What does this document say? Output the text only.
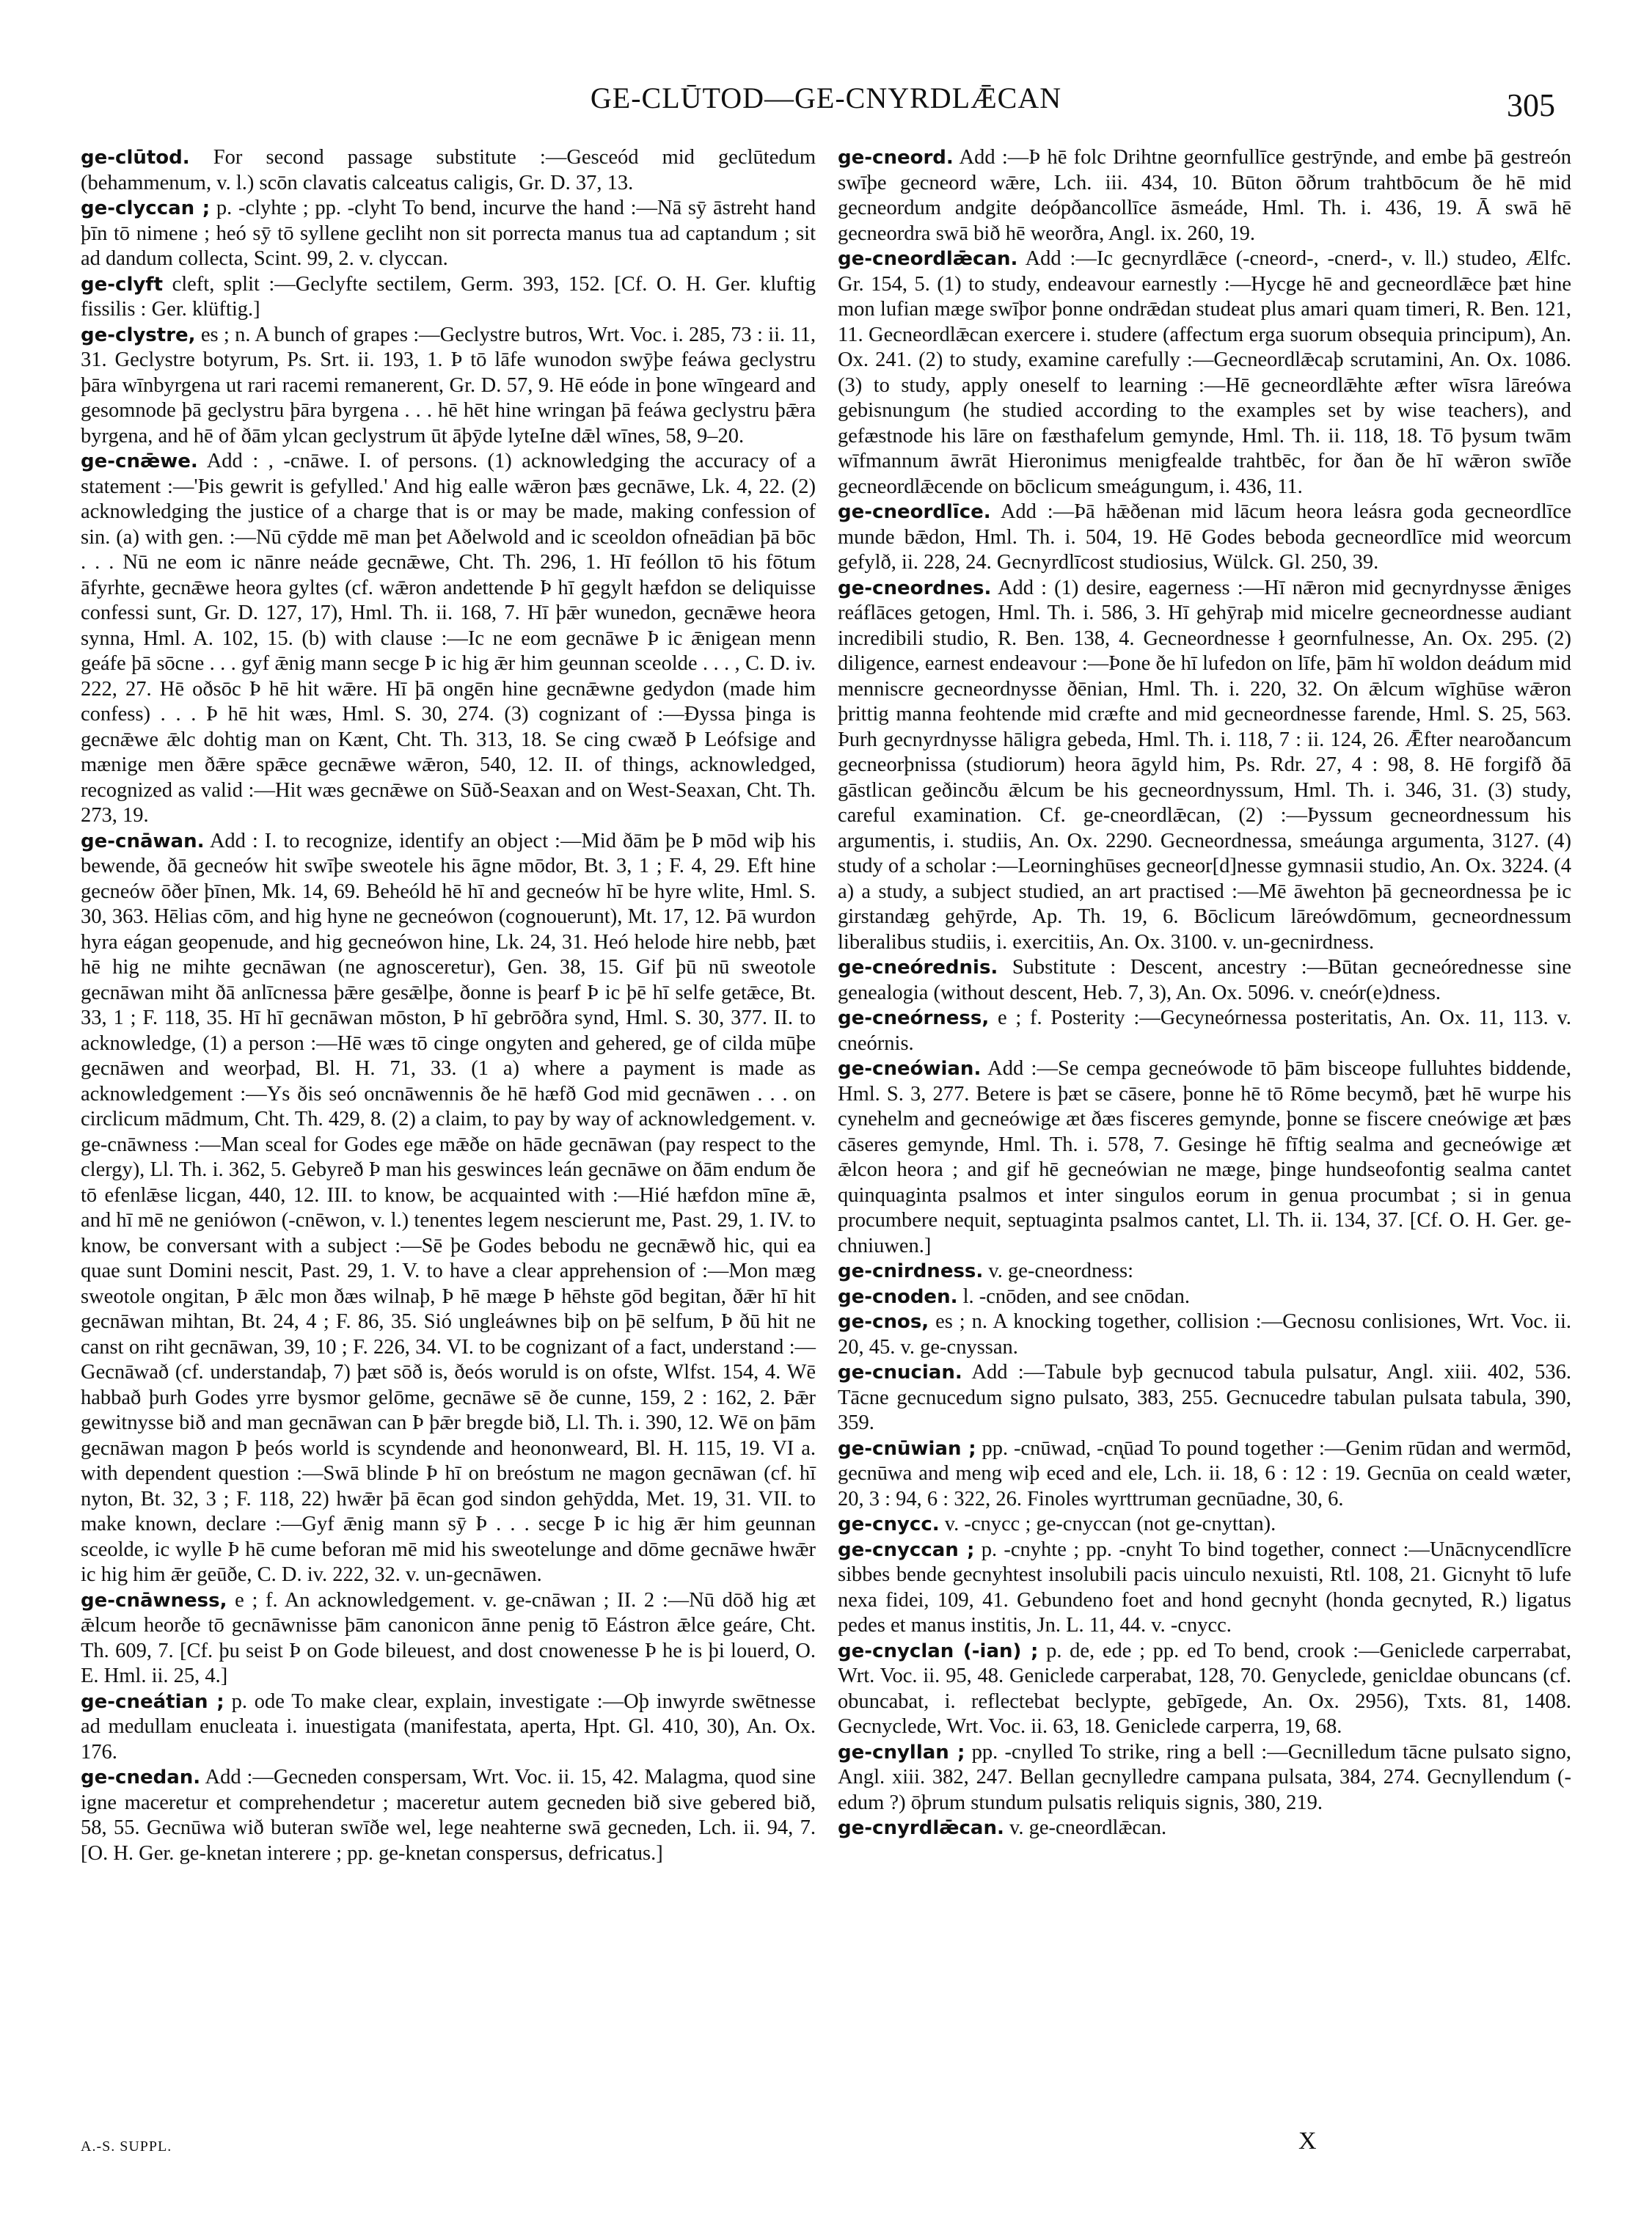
GE-CLŪTOD—GE-CNYRDLǢCAN	305

ge-clūtod. For second passage substitute :—Gesceód mid geclūtedum (behammenum, v. l.) scōn clavatis calceatus caligis, Gr. D. 37, 13.

ge-clyccan ; p. -clyhte ; pp. -clyht To bend, incurve the hand :—Nā sȳ āstreht hand þīn tō nimene ; heó sȳ tō syllene gecliht non sit porrecta manus tua ad captandum ; sit ad dandum collecta, Scint. 99, 2. v. clyccan.

ge-clyft cleft, split :—Geclyfte sectilem, Germ. 393, 152. [Cf. O. H. Ger. kluftig fissilis : Ger. klüftig.]

ge-clystre, es ; n. A bunch of grapes :—Geclystre butros, Wrt. Voc. i. 285, 73 : ii. 11, 31. Geclystre botyrum, Ps. Srt. ii. 193, 1. Þ tō lāfe wunodon swȳþe feáwa geclystru þāra wīnbyrgena ut rari racemi remanerent, Gr. D. 57, 9. Hē eóde in þone wīngeard and gesomnode þā geclystru þāra byrgena . . . hē hēt hine wringan þā feáwa geclystru þǣra byrgena, and hē of ðām ylcan geclystrum ūt āþȳde lyteIne dǣl wīnes, 58, 9–20.

ge-cnǣwe. Add : , -cnāwe. I. of persons. (1) acknowledging the accuracy of a statement :—'Þis gewrit is gefylled.' And hig ealle wǣron þæs gecnāwe, Lk. 4, 22. (2) acknowledging the justice of a charge that is or may be made, making confession of sin. (a) with gen. :—Nū cȳdde mē man þet Aðelwold and ic sceoldon ofneādian þā bōc . . . Nū ne eom ic nānre neáde gecnǣwe, Cht. Th. 296, 1. Hī feóllon tō his fōtum āfyrhte, gecnǣwe heora gyltes (cf. wǣron andettende Þ hī gegylt hæfdon se deliquisse confessi sunt, Gr. D. 127, 17), Hml. Th. ii. 168, 7. Hī þǣr wunedon, gecnǣwe heora synna, Hml. A. 102, 15. (b) with clause :—Ic ne eom gecnāwe Þ ic ǣnigean menn geáfe þā sōcne . . . gyf ǣnig mann secge Þ ic hig ǣr him geunnan sceolde . . . , C. D. iv. 222, 27. Hē oðsōc Þ hē hit wǣre. Hī þā ongēn hine gecnǣwne gedydon (made him confess) . . . Þ hē hit wæs, Hml. S. 30, 274. (3) cognizant of :—Ðyssa þinga is gecnǣwe ǣlc dohtig man on Kænt, Cht. Th. 313, 18. Se cing cwæð Þ Leófsige and mænige men ðǣre spǣce gecnǣwe wǣron, 540, 12. II. of things, acknowledged, recognized as valid :—Hit wæs gecnǣwe on Sūð-Seaxan and on West-Seaxan, Cht. Th. 273, 19.

ge-cnāwan. Add : I. to recognize, identify an object :—Mid ðām þe Þ mōd wiþ his bewende, ðā gecneów hit swīþe sweotele his āgne mōdor, Bt. 3, 1 ; F. 4, 29. Eft hine gecneów ōðer þīnen, Mk. 14, 69. Beheóld hē hī and gecneów hī be hyre wlite, Hml. S. 30, 363. Hēlias cōm, and hig hyne ne gecneówon (cognouerunt), Mt. 17, 12. Þā wurdon hyra eágan geopenude, and hig gecneówon hine, Lk. 24, 31. Heó helode hire nebb, þæt hē hig ne mihte gecnāwan (ne agnosceretur), Gen. 38, 15. Gif þū nū sweotole gecnāwan miht ðā anlīcnessa þǣre gesǣlþe, ðonne is þearf Þ ic þē hī selfe getǣce, Bt. 33, 1 ; F. 118, 35. Hī hī gecnāwan mōston, Þ hī gebrōðra synd, Hml. S. 30, 377. II. to acknowledge, (1) a person :—Hē wæs tō cinge ongyten and gehered, ge of cilda mūþe gecnāwen and weorþad, Bl. H. 71, 33. (1 a) where a payment is made as acknowledgement :—Ys ðis seó oncnāwennis ðe hē hæfð God mid gecnāwen . . . on circlicum mādmum, Cht. Th. 429, 8. (2) a claim, to pay by way of acknowledgement. v. ge-cnāwness :—Man sceal for Godes ege mǣðe on hāde gecnāwan (pay respect to the clergy), Ll. Th. i. 362, 5. Gebyreð Þ man his geswinces leán gecnāwe on ðām endum ðe tō efenlǣse licgan, 440, 12. III. to know, be acquainted with :—Hié hæfdon mīne ǣ, and hī mē ne geniówon (-cnēwon, v. l.) tenentes legem nescierunt me, Past. 29, 1. IV. to know, be conversant with a subject :—Sē þe Godes bebodu ne gecnǣwð hic, qui ea quae sunt Domini nescit, Past. 29, 1. V. to have a clear apprehension of :—Mon mæg sweotole ongitan, Þ ǣlc mon ðæs wilnaþ, Þ hē mæge Þ hēhste gōd begitan, ðǣr hī hit gecnāwan mihtan, Bt. 24, 4 ; F. 86, 35. Sió ungleáwnes biþ on þē selfum, Þ ðū hit ne canst on riht gecnāwan, 39, 10 ; F. 226, 34. VI. to be cognizant of a fact, understand :—Gecnāwað (cf. understandaþ, 7) þæt sōð is, ðeós woruld is on ofste, Wlfst. 154, 4. Wē habbað þurh Godes yrre bysmor gelōme, gecnāwe sē ðe cunne, 159, 2 : 162, 2. Þǣr gewitnysse bið and man gecnāwan can Þ þǣr bregde bið, Ll. Th. i. 390, 12. Wē on þām gecnāwan magon Þ þeós world is scyndende and heononweard, Bl. H. 115, 19. VI a. with dependent question :—Swā blinde Þ hī on breóstum ne magon gecnāwan (cf. hī nyton, Bt. 32, 3 ; F. 118, 22) hwǣr þā ēcan god sindon gehȳdda, Met. 19, 31. VII. to make known, declare :—Gyf ǣnig mann sȳ Þ . . . secge Þ ic hig ǣr him geunnan sceolde, ic wylle Þ hē cume beforan mē mid his sweotelunge and dōme gecnāwe hwǣr ic hig him ǣr geūðe, C. D. iv. 222, 32. v. un-gecnāwen.

ge-cnāwness, e ; f. An acknowledgement. v. ge-cnāwan ; II. 2 :—Nū dōð hig æt ǣlcum heorðe tō gecnāwnisse þām canonicon ānne penig tō Eástron ǣlce geáre, Cht. Th. 609, 7. [Cf. þu seist Þ on Gode bileuest, and dost cnowenesse Þ he is þi louerd, O. E. Hml. ii. 25, 4.]

ge-cneátian ; p. ode To make clear, explain, investigate :—Oþ inwyrde swētnesse ad medullam enucleata i. inuestigata (manifestata, aperta, Hpt. Gl. 410, 30), An. Ox. 176.

ge-cnedan. Add :—Gecneden conspersam, Wrt. Voc. ii. 15, 42. Malagma, quod sine igne maceretur et comprehendetur ; maceretur autem gecneden bið sive gebered bið, 58, 55. Gecnūwa wið buteran swīðe wel, lege neahterne swā gecneden, Lch. ii. 94, 7. [O. H. Ger. ge-knetan interere ; pp. ge-knetan conspersus, defricatus.]

ge-cneord. Add :—Þ hē folc Drihtne geornfullīce gestrȳnde, and embe þā gestreón swīþe gecneord wǣre, Lch. iii. 434, 10. Būton ōðrum trahtbōcum ðe hē mid gecneordum andgite deópðancollīce āsmeáde, Hml. Th. i. 436, 19. Ā swā hē gecneordra swā bið hē weorðra, Angl. ix. 260, 19.

ge-cneordlǣcan. Add :—Ic gecnyrdlǣce (-cneord-, -cnerd-, v. ll.) studeo, Ælfc. Gr. 154, 5. (1) to study, endeavour earnestly :—Hycge hē and gecneordlǣce þæt hine mon lufian mæge swīþor þonne ondrǣdan studeat plus amari quam timeri, R. Ben. 121, 11. Gecneordlǣcan exercere i. studere (affectum erga suorum obsequia principum), An. Ox. 241. (2) to study, examine carefully :—Gecneordlǣcaþ scrutamini, An. Ox. 1086. (3) to study, apply oneself to learning :—Hē gecneordlǣhte æfter wīsra lāreówa gebisnungum (he studied according to the examples set by wise teachers), and gefæstnode his lāre on fæsthafelum gemynde, Hml. Th. ii. 118, 18. Tō þysum twām wīfmannum āwrāt Hieronimus menigfealde trahtbēc, for ðan ðe hī wǣron swīðe gecneordlǣcende on bōclicum smeágungum, i. 436, 11.

ge-cneordlīce. Add :—Þā hǣðenan mid lācum heora leásra goda gecneordlīce munde bǣdon, Hml. Th. i. 504, 19. Hē Godes beboda gecneordlīce mid weorcum gefylð, ii. 228, 24. Gecnyrdlīcost studiosius, Wülck. Gl. 250, 39.

ge-cneordnes. Add : (1) desire, eagerness :—Hī nǣron mid gecnyrdnysse ǣniges reáflāces getogen, Hml. Th. i. 586, 3. Hī gehȳraþ mid micelre gecneordnesse audiant incredibili studio, R. Ben. 138, 4. Gecneordnesse ł geornfulnesse, An. Ox. 295. (2) diligence, earnest endeavour :—Þone ðe hī lufedon on līfe, þām hī woldon deádum mid menniscre gecneordnysse ðēnian, Hml. Th. i. 220, 32. On ǣlcum wīghūse wǣron þrittig manna feohtende mid cræfte and mid gecneordnesse farende, Hml. S. 25, 563. Þurh gecnyrdnysse hāligra gebeda, Hml. Th. i. 118, 7 : ii. 124, 26. Ǣfter nearoðancum gecneorþnissa (studiorum) heora āgyld him, Ps. Rdr. 27, 4 : 98, 8. Hē forgifð ðā gāstlican geðincðu ǣlcum be his gecneordnyssum, Hml. Th. i. 346, 31. (3) study, careful examination. Cf. ge-cneordlǣcan, (2) :—Þyssum gecneordnessum his argumentis, i. studiis, An. Ox. 2290. Gecneordnessa, smeáunga argumenta, 3127. (4) study of a scholar :—Leorninghūses gecneor[d]nesse gymnasii studio, An. Ox. 3224. (4 a) a study, a subject studied, an art practised :—Mē āwehton þā gecneordnessa þe ic girstandæg gehȳrde, Ap. Th. 19, 6. Bōclicum lāreówdōmum, gecneordnessum liberalibus studiis, i. exercitiis, An. Ox. 3100. v. un-gecnirdness.

ge-cneórednis. Substitute : Descent, ancestry :—Būtan gecneórednesse sine genealogia (without descent, Heb. 7, 3), An. Ox. 5096. v. cneór(e)dness.

ge-cneórness, e ; f. Posterity :—Gecyneórnessa posteritatis, An. Ox. 11, 113. v. cneórnis.

ge-cneówian. Add :—Se cempa gecneówode tō þām bisceope fulluhtes biddende, Hml. S. 3, 277. Betere is þæt se cāsere, þonne hē tō Rōme becymð, þæt hē wurpe his cynehelm and gecneówige æt ðæs fisceres gemynde, þonne se fiscere cneówige æt þæs cāseres gemynde, Hml. Th. i. 578, 7. Gesinge hē fīftig sealma and gecneówige æt ǣlcon heora ; and gif hē gecneówian ne mæge, þinge hundseofontig sealma cantet quinquaginta psalmos et inter singulos eorum in genua procumbat ; si in genua procumbere nequit, septuaginta psalmos cantet, Ll. Th. ii. 134, 37. [Cf. O. H. Ger. ge-chniuwen.]

ge-cnirdness. v. ge-cneordness:

ge-cnoden. l. -cnōden, and see cnōdan.

ge-cnos, es ; n. A knocking together, collision :—Gecnosu conlisiones, Wrt. Voc. ii. 20, 45. v. ge-cnyssan.

ge-cnucian. Add :—Tabule byþ gecnucod tabula pulsatur, Angl. xiii. 402, 536. Tācne gecnucedum signo pulsato, 383, 255. Gecnucedre tabulan pulsata tabula, 390, 359.

ge-cnūwian ; pp. -cnūwad, -cn̨ūad To pound together :—Genim rūdan and wermōd, gecnūwa and meng wiþ eced and ele, Lch. ii. 18, 6 : 12 : 19. Gecnūa on ceald wæter, 20, 3 : 94, 6 : 322, 26. Finoles wyrttruman gecnūadne, 30, 6.

ge-cnycc. v. -cnycc ; ge-cnyccan (not ge-cnyttan).

ge-cnyccan ; p. -cnyhte ; pp. -cnyht To bind together, connect :—Unācnycendlīcre sibbes bende gecnyhtest insolubili pacis uinculo nexuisti, Rtl. 108, 21. Gicnyht tō lufe nexa fidei, 109, 41. Gebundeno foet and hond gecnyht (honda gecnyted, R.) ligatus pedes et manus institis, Jn. L. 11, 44. v. -cnycc.

ge-cnyclan (-ian) ; p. de, ede ; pp. ed To bend, crook :—Geniclede carperrabat, Wrt. Voc. ii. 95, 48. Geniclede carperabat, 128, 70. Genyclede, genicldae obuncans (cf. obuncabat, i. reflectebat beclypte, gebīgede, An. Ox. 2956), Txts. 81, 1408. Gecnyclede, Wrt. Voc. ii. 63, 18. Geniclede carperra, 19, 68.

ge-cnyllan ; pp. -cnylled To strike, ring a bell :—Gecnilledum tācne pulsato signo, Angl. xiii. 382, 247. Bellan gecnylledre campana pulsata, 384, 274. Gecnyllendum (-edum ?) ōþrum stundum pulsatis reliquis signis, 380, 219.

ge-cnyrdlǣcan. v. ge-cneordlǣcan.

A.-S. SUPPL.	X
